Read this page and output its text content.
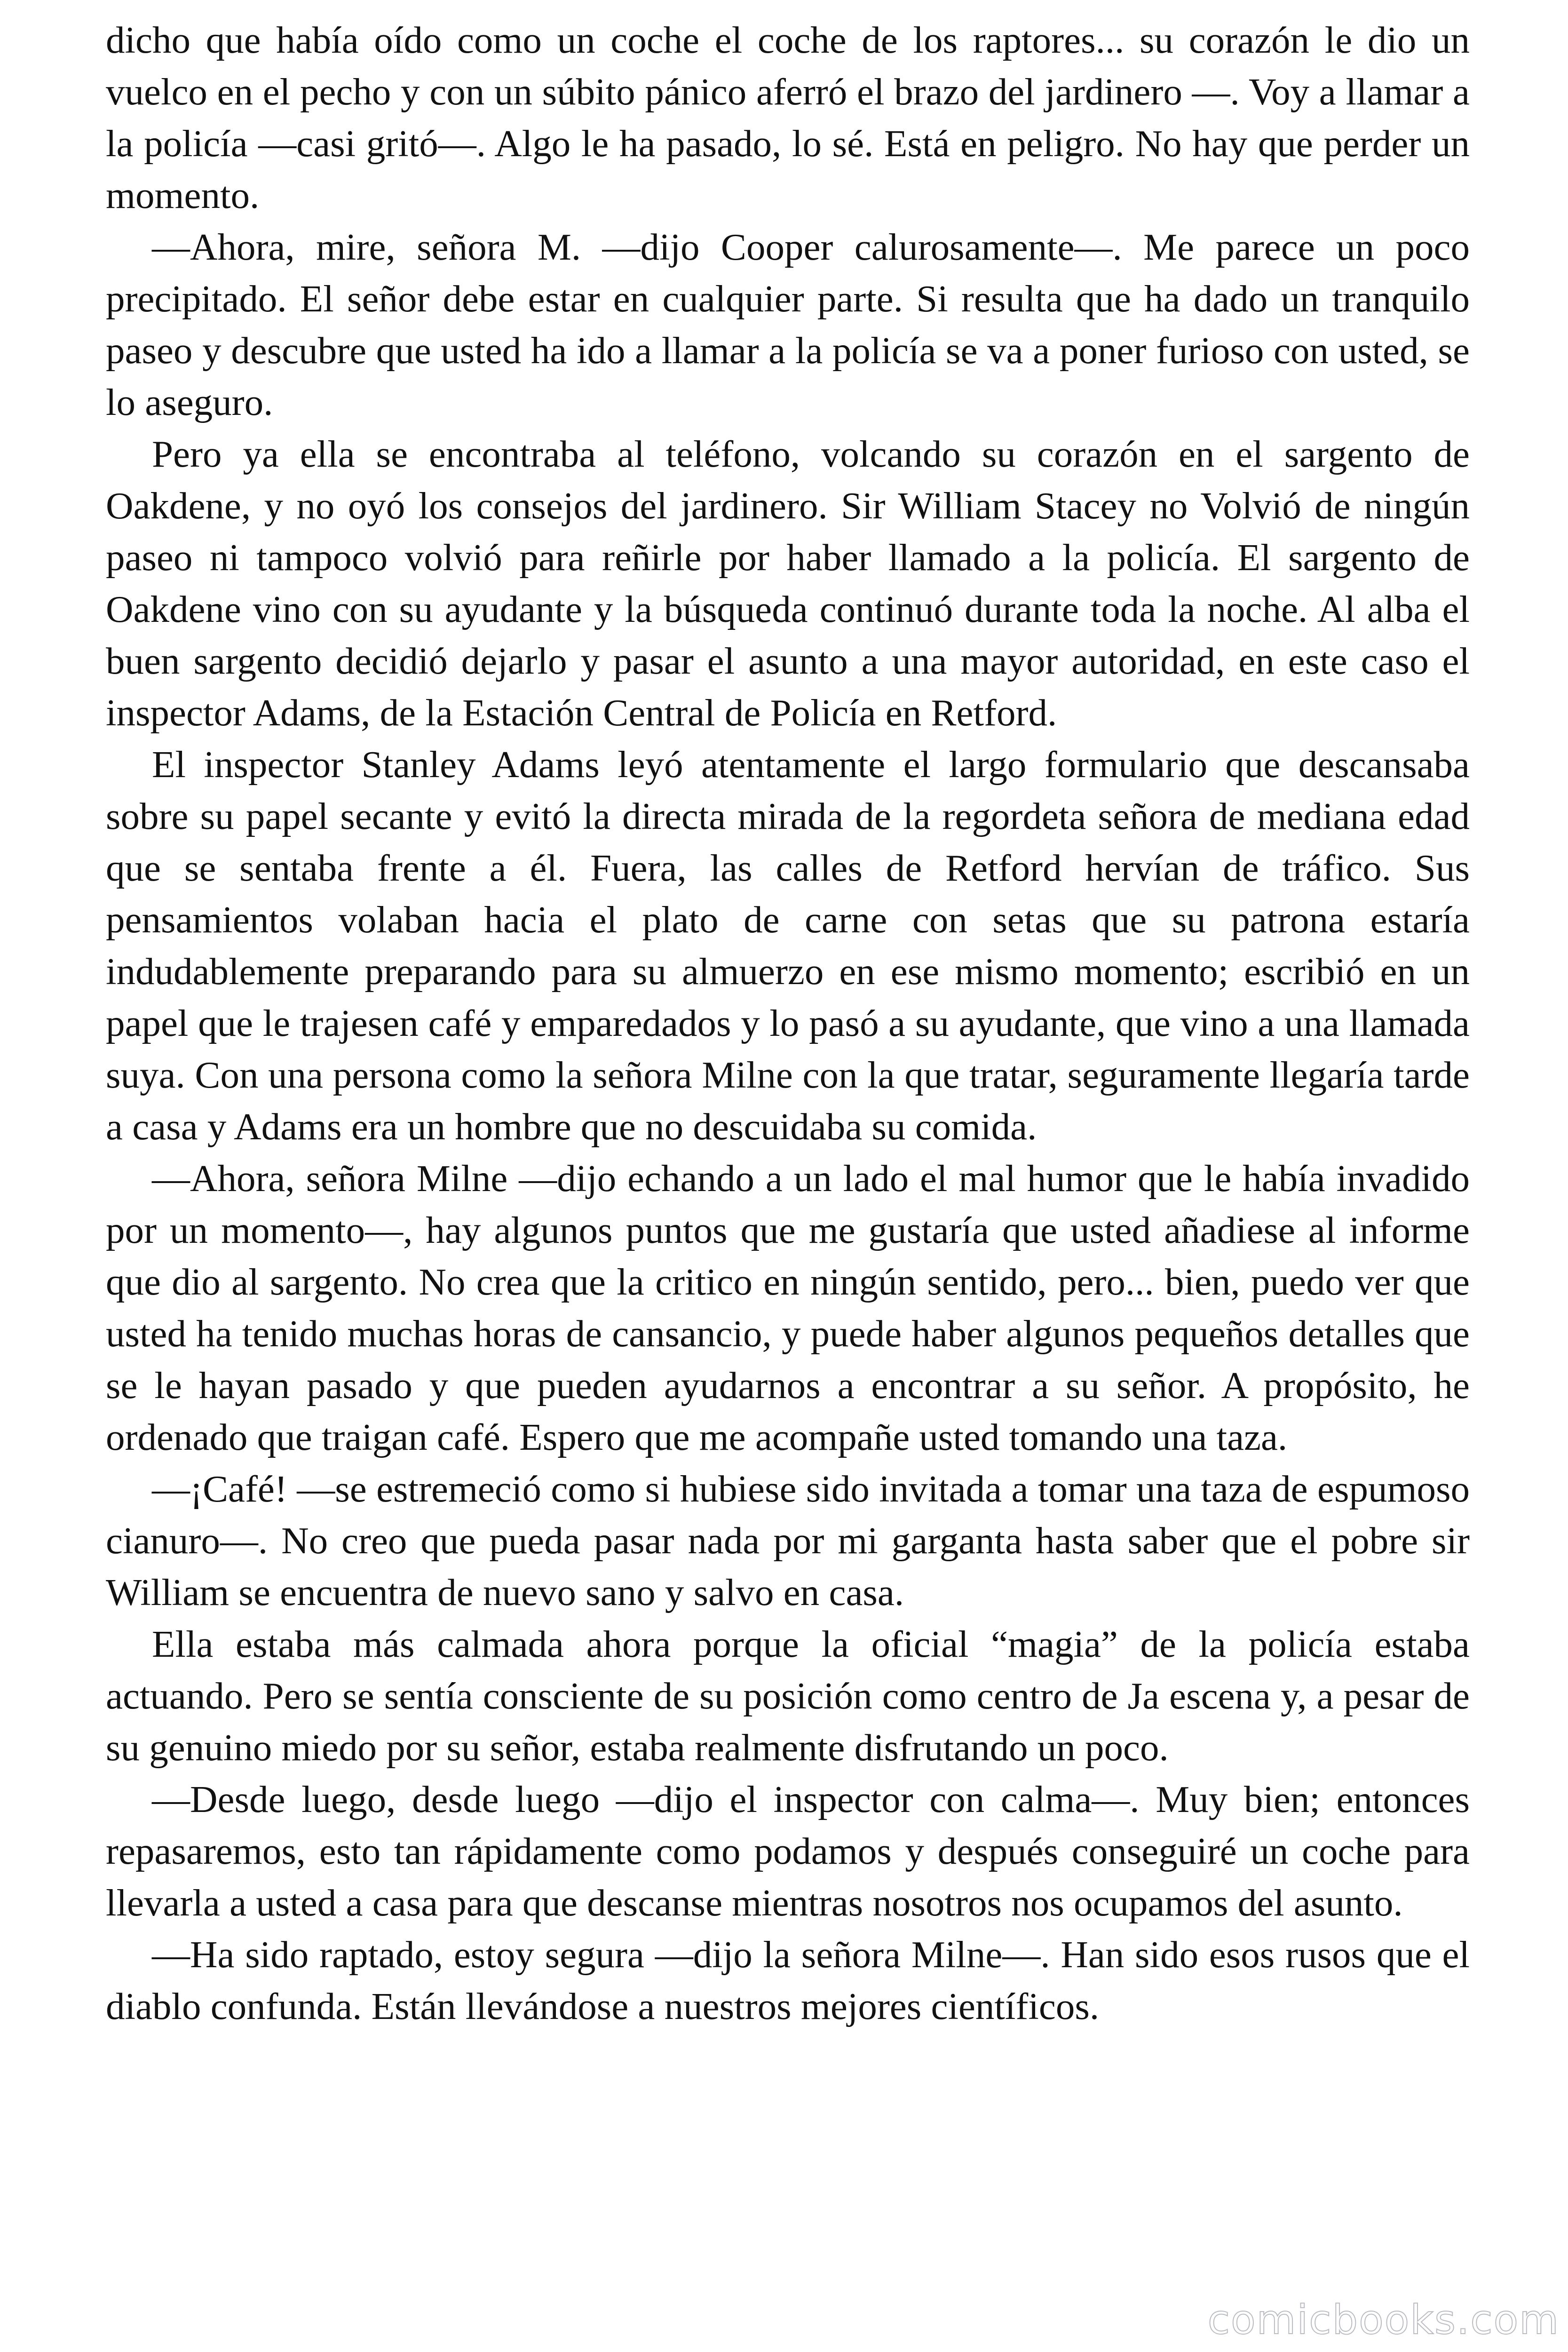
dicho que había oído como un coche el coche de los raptores... su corazón le dio un vuelco en el pecho y con un súbito pánico aferró el brazo del jardinero —. Voy a llamar a la policía —casi gritó—. Algo le ha pasado, lo sé. Está en peligro. No hay que perder un momento.

—Ahora, mire, señora M. —dijo Cooper calurosamente—. Me parece un poco precipitado. El señor debe estar en cualquier parte. Si resulta que ha dado un tranquilo paseo y descubre que usted ha ido a llamar a la policía se va a poner furioso con usted, se lo aseguro.

Pero ya ella se encontraba al teléfono, volcando su corazón en el sargento de Oakdene, y no oyó los consejos del jardinero. Sir William Stacey no Volvió de ningún paseo ni tampoco volvió para reñirle por haber llamado a la policía. El sargento de Oakdene vino con su ayudante y la búsqueda continuó durante toda la noche. Al alba el buen sargento decidió dejarlo y pasar el asunto a una mayor autoridad, en este caso el inspector Adams, de la Estación Central de Policía en Retford.

El inspector Stanley Adams leyó atentamente el largo formulario que descansaba sobre su papel secante y evitó la directa mirada de la regordeta señora de mediana edad que se sentaba frente a él. Fuera, las calles de Retford hervían de tráfico. Sus pensamientos volaban hacia el plato de carne con setas que su patrona estaría indudablemente preparando para su almuerzo en ese mismo momento; escribió en un papel que le trajesen café y emparedados y lo pasó a su ayudante, que vino a una llamada suya. Con una persona como la señora Milne con la que tratar, seguramente llegaría tarde a casa y Adams era un hombre que no descuidaba su comida.

—Ahora, señora Milne —dijo echando a un lado el mal humor que le había invadido por un momento—, hay algunos puntos que me gustaría que usted añadiese al informe que dio al sargento. No crea que la critico en ningún sentido, pero... bien, puedo ver que usted ha tenido muchas horas de cansancio, y puede haber algunos pequeños detalles que se le hayan pasado y que pueden ayudarnos a encontrar a su señor. A propósito, he ordenado que traigan café. Espero que me acompañe usted tomando una taza.

—¡Café! —se estremeció como si hubiese sido invitada a tomar una taza de espumoso cianuro—. No creo que pueda pasar nada por mi garganta hasta saber que el pobre sir William se encuentra de nuevo sano y salvo en casa.

Ella estaba más calmada ahora porque la oficial “magia” de la policía estaba actuando. Pero se sentía consciente de su posición como centro de Ja escena y, a pesar de su genuino miedo por su señor, estaba realmente disfrutando un poco.

—Desde luego, desde luego —dijo el inspector con calma—. Muy bien; entonces repasaremos, esto tan rápidamente como podamos y después conseguiré un coche para llevarla a usted a casa para que descanse mientras nosotros nos ocupamos del asunto.

—Ha sido raptado, estoy segura —dijo la señora Milne—. Han sido esos rusos que el diablo confunda. Están llevándose a nuestros mejores científicos.

comicbooks.com
